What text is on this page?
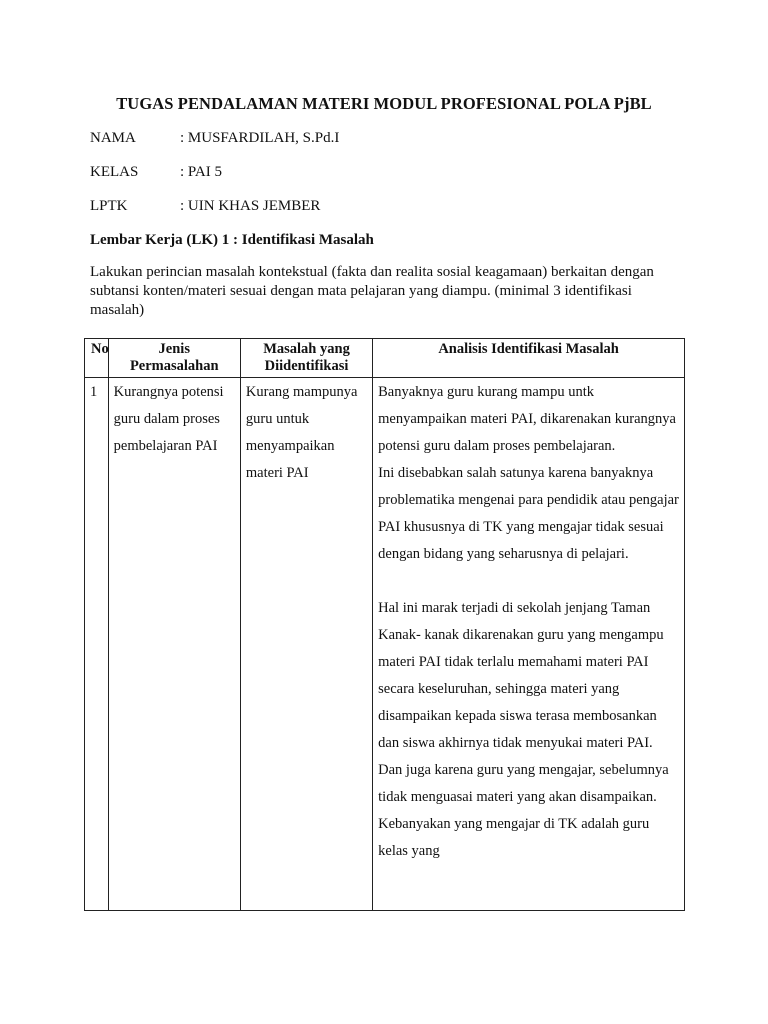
TUGAS PENDALAMAN MATERI MODUL PROFESIONAL POLA PjBL
NAMA	: MUSFARDILAH, S.Pd.I
KELAS	: PAI 5
LPTK	: UIN KHAS JEMBER
Lembar Kerja (LK) 1 : Identifikasi Masalah
Lakukan perincian masalah kontekstual (fakta dan realita sosial keagamaan) berkaitan dengan subtansi konten/materi sesuai dengan mata pelajaran yang diampu. (minimal 3 identifikasi masalah)
No	Jenis Permasalahan	Masalah yang Diidentifikasi	Analisis Identifikasi Masalah
1	Kurangnya potensi guru dalam proses pembelajaran PAI	Kurang mampunya guru untuk menyampaikan materi PAI	Banyaknya guru kurang mampu untk menyampaikan materi PAI, dikarenakan kurangnya potensi guru dalam proses pembelajaran.
Ini disebabkan salah satunya karena banyaknya problematika mengenai para pendidik atau pengajar PAI khususnya di TK yang mengajar tidak sesuai dengan bidang yang seharusnya di pelajari.
Hal ini marak terjadi di sekolah jenjang Taman Kanak- kanak dikarenakan guru yang mengampu materi PAI tidak terlalu memahami materi PAI secara keseluruhan, sehingga materi yang disampaikan kepada siswa terasa membosankan dan siswa akhirnya tidak menyukai materi PAI. Dan juga karena guru yang mengajar, sebelumnya tidak menguasai materi yang akan disampaikan. Kebanyakan yang mengajar di TK adalah guru kelas yang
